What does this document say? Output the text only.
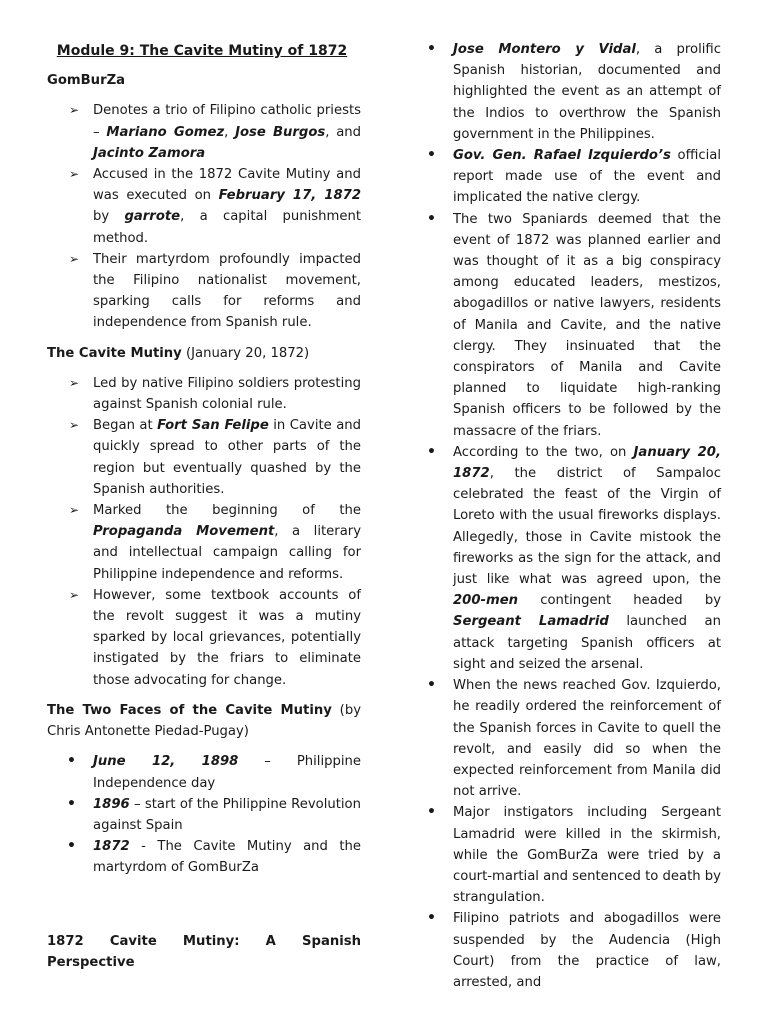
Module 9: The Cavite Mutiny of 1872

GomBurZa

➢ Denotes a trio of Filipino catholic priests – Mariano Gomez, Jose Burgos, and Jacinto Zamora
➢ Accused in the 1872 Cavite Mutiny and was executed on February 17, 1872 by garrote, a capital punishment method.
➢ Their martyrdom profoundly impacted the Filipino nationalist movement, sparking calls for reforms and independence from Spanish rule.

The Cavite Mutiny (January 20, 1872)

➢ Led by native Filipino soldiers protesting against Spanish colonial rule.
➢ Began at Fort San Felipe in Cavite and quickly spread to other parts of the region but eventually quashed by the Spanish authorities.
➢ Marked the beginning of the Propaganda Movement, a literary and intellectual campaign calling for Philippine independence and reforms.
➢ However, some textbook accounts of the revolt suggest it was a mutiny sparked by local grievances, potentially instigated by the friars to eliminate those advocating for change.

The Two Faces of the Cavite Mutiny (by Chris Antonette Piedad-Pugay)

• June 12, 1898 – Philippine Independence day
• 1896 – start of the Philippine Revolution against Spain
• 1872 - The Cavite Mutiny and the martyrdom of GomBurZa

1872 Cavite Mutiny: A Spanish Perspective

• Jose Montero y Vidal, a prolific Spanish historian, documented and highlighted the event as an attempt of the Indios to overthrow the Spanish government in the Philippines.
• Gov. Gen. Rafael Izquierdo’s official report made use of the event and implicated the native clergy.
• The two Spaniards deemed that the event of 1872 was planned earlier and was thought of it as a big conspiracy among educated leaders, mestizos, abogadillos or native lawyers, residents of Manila and Cavite, and the native clergy. They insinuated that the conspirators of Manila and Cavite planned to liquidate high-ranking Spanish officers to be followed by the massacre of the friars.
• According to the two, on January 20, 1872, the district of Sampaloc celebrated the feast of the Virgin of Loreto with the usual fireworks displays. Allegedly, those in Cavite mistook the fireworks as the sign for the attack, and just like what was agreed upon, the 200-men contingent headed by Sergeant Lamadrid launched an attack targeting Spanish officers at sight and seized the arsenal.
• When the news reached Gov. Izquierdo, he readily ordered the reinforcement of the Spanish forces in Cavite to quell the revolt, and easily did so when the expected reinforcement from Manila did not arrive.
• Major instigators including Sergeant Lamadrid were killed in the skirmish, while the GomBurZa were tried by a court-martial and sentenced to death by strangulation.
• Filipino patriots and abogadillos were suspended by the Audencia (High Court) from the practice of law, arrested, and
